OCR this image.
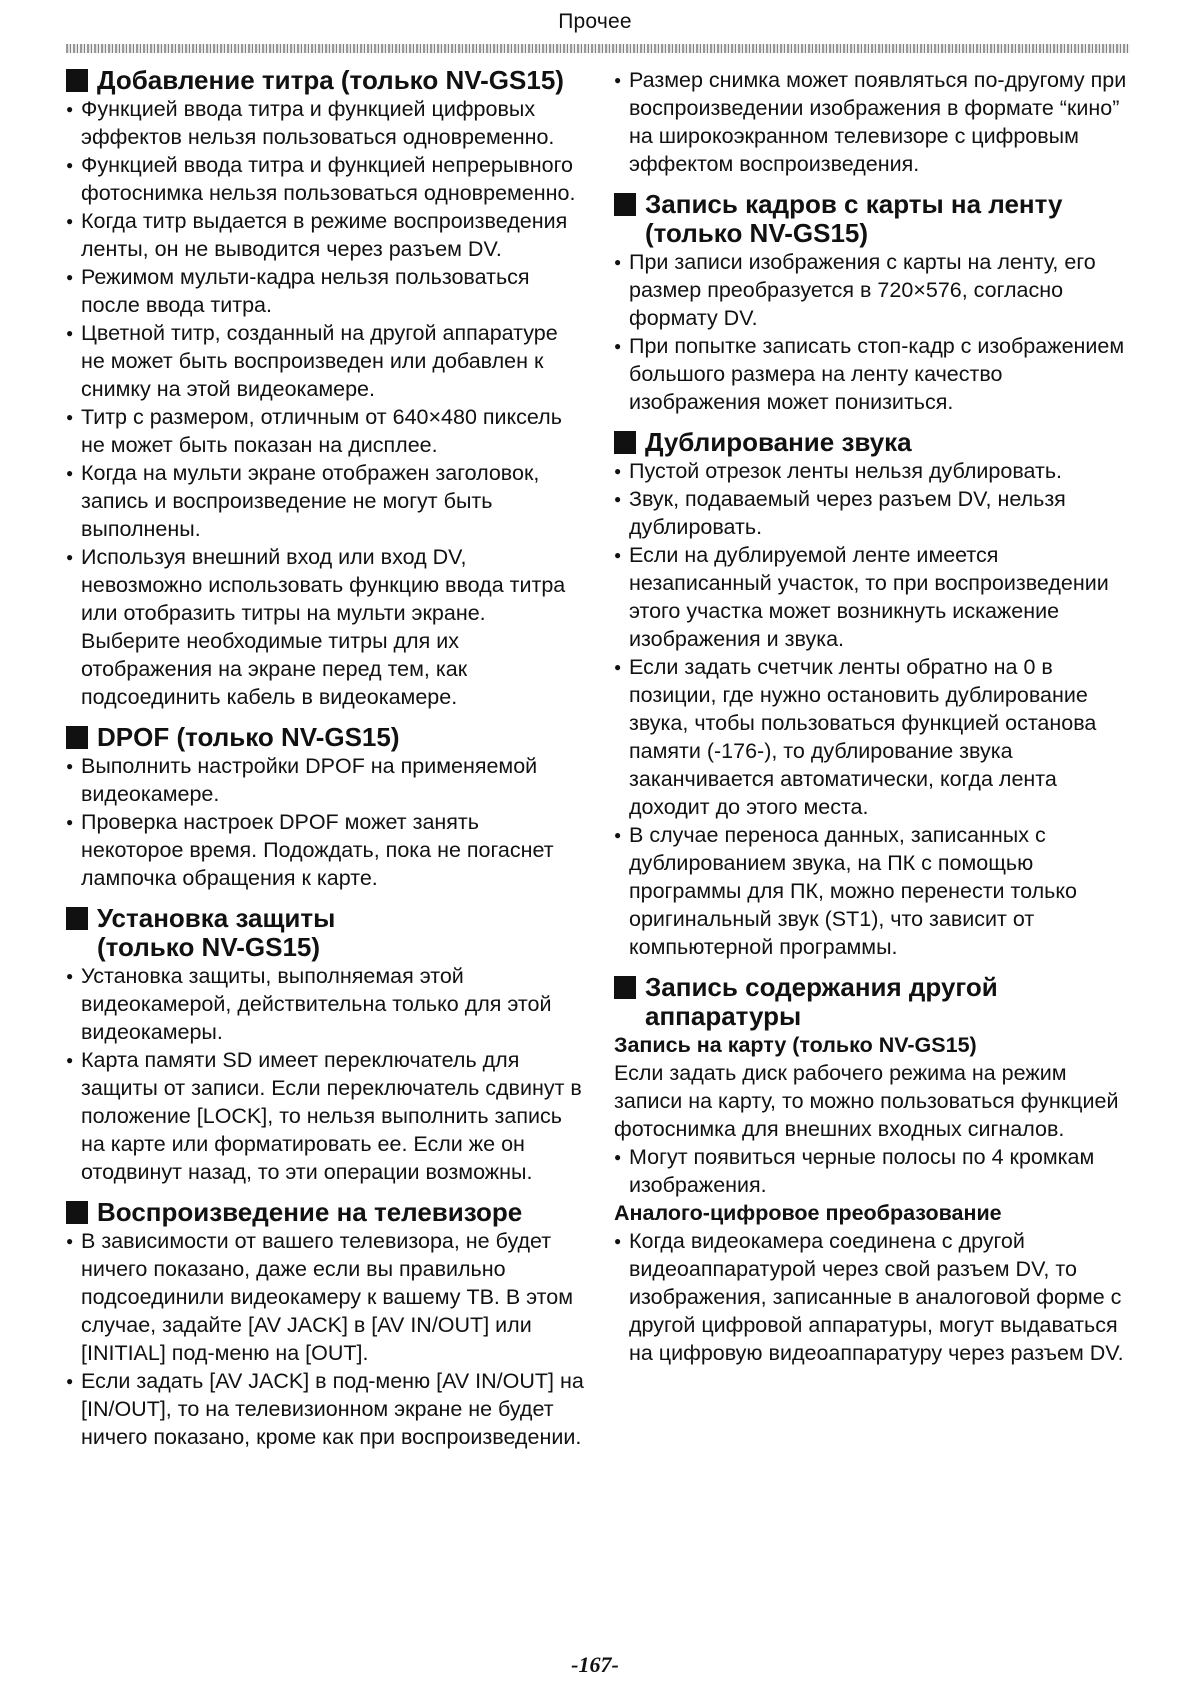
Прочее
Добавление титра (только NV-GS15)
● Функцией ввода титра и функцией цифровых эффектов нельзя пользоваться одновременно.
● Функцией ввода титра и функцией непрерывного фотоснимка нельзя пользоваться одновременно.
● Когда титр выдается в режиме воспроизведения ленты, он не выводится через разъем DV.
● Режимом мульти-кадра нельзя пользоваться после ввода титра.
● Цветной титр, созданный на другой аппаратуре не может быть воспроизведен или добавлен к снимку на этой видеокамере.
● Титр с размером, отличным от 640×480 пиксель не может быть показан на дисплее.
● Когда на мульти экране отображен заголовок, запись и воспроизведение не могут быть выполнены.
● Используя внешний вход или вход DV, невозможно использовать функцию ввода титра или отобразить титры на мульти экране. Выберите необходимые титры для их отображения на экране перед тем, как подсоединить кабель в видеокамере.
DPOF (только NV-GS15)
● Выполнить настройки DPOF на применяемой видеокамере.
● Проверка настроек DPOF может занять некоторое время. Подождать, пока не погаснет лампочка обращения к карте.
Установка защиты
(только NV-GS15)
● Установка защиты, выполняемая этой видеокамерой, действительна только для этой видеокамеры.
● Карта памяти SD имеет переключатель для защиты от записи. Если переключатель сдвинут в положение [LOCK], то нельзя выполнить запись на карте или форматировать ее. Если же он отодвинут назад, то эти операции возможны.
Воспроизведение на телевизоре
● В зависимости от вашего телевизора, не будет ничего показано, даже если вы правильно подсоединили видеокамеру к вашему ТВ. В этом случае, задайте [AV JACK] в [AV IN/OUT] или [INITIAL] под-меню на [OUT].
● Если задать [AV JACK] в под-меню [AV IN/OUT] на [IN/OUT], то на телевизионном экране не будет ничего показано, кроме как при воспроизведении.
● Размер снимка может появляться по-другому при воспроизведении изображения в формате “кино” на широкоэкранном телевизоре с цифровым эффектом воспроизведения.
Запись кадров с карты на ленту
(только NV-GS15)
● При записи изображения с карты на ленту, его размер преобразуется в 720×576, согласно формату DV.
● При попытке записать стоп-кадр с изображением большого размера на ленту качество изображения может понизиться.
Дублирование звука
● Пустой отрезок ленты нельзя дублировать.
● Звук, подаваемый через разъем DV, нельзя дублировать.
● Если на дублируемой ленте имеется незаписанный участок, то при воспроизведении этого участка может возникнуть искажение изображения и звука.
● Если задать счетчик ленты обратно на 0 в позиции, где нужно остановить дублирование звука, чтобы пользоваться функцией останова памяти (-176-), то дублирование звука заканчивается автоматически, когда лента доходит до этого места.
● В случае переноса данных, записанных с дублированием звука, на ПК с помощью программы для ПК, можно перенести только оригинальный звук (ST1), что зависит от компьютерной программы.
Запись содержания другой
аппаратуры
Запись на карту (только NV-GS15)

Если задать диск рабочего режима на режим записи на карту, то можно пользоваться функцией фотоснимка для внешних входных сигналов.

● Могут появиться черные полосы по 4 кромкам изображения.
Аналого-цифровое преобразование
● Когда видеокамера соединена с другой видеоаппаратурой через свой разъем DV, то изображения, записанные в аналоговой форме с другой цифровой аппаратуры, могут выдаваться на цифровую видеоаппаратуру через разъем DV.
-167-
